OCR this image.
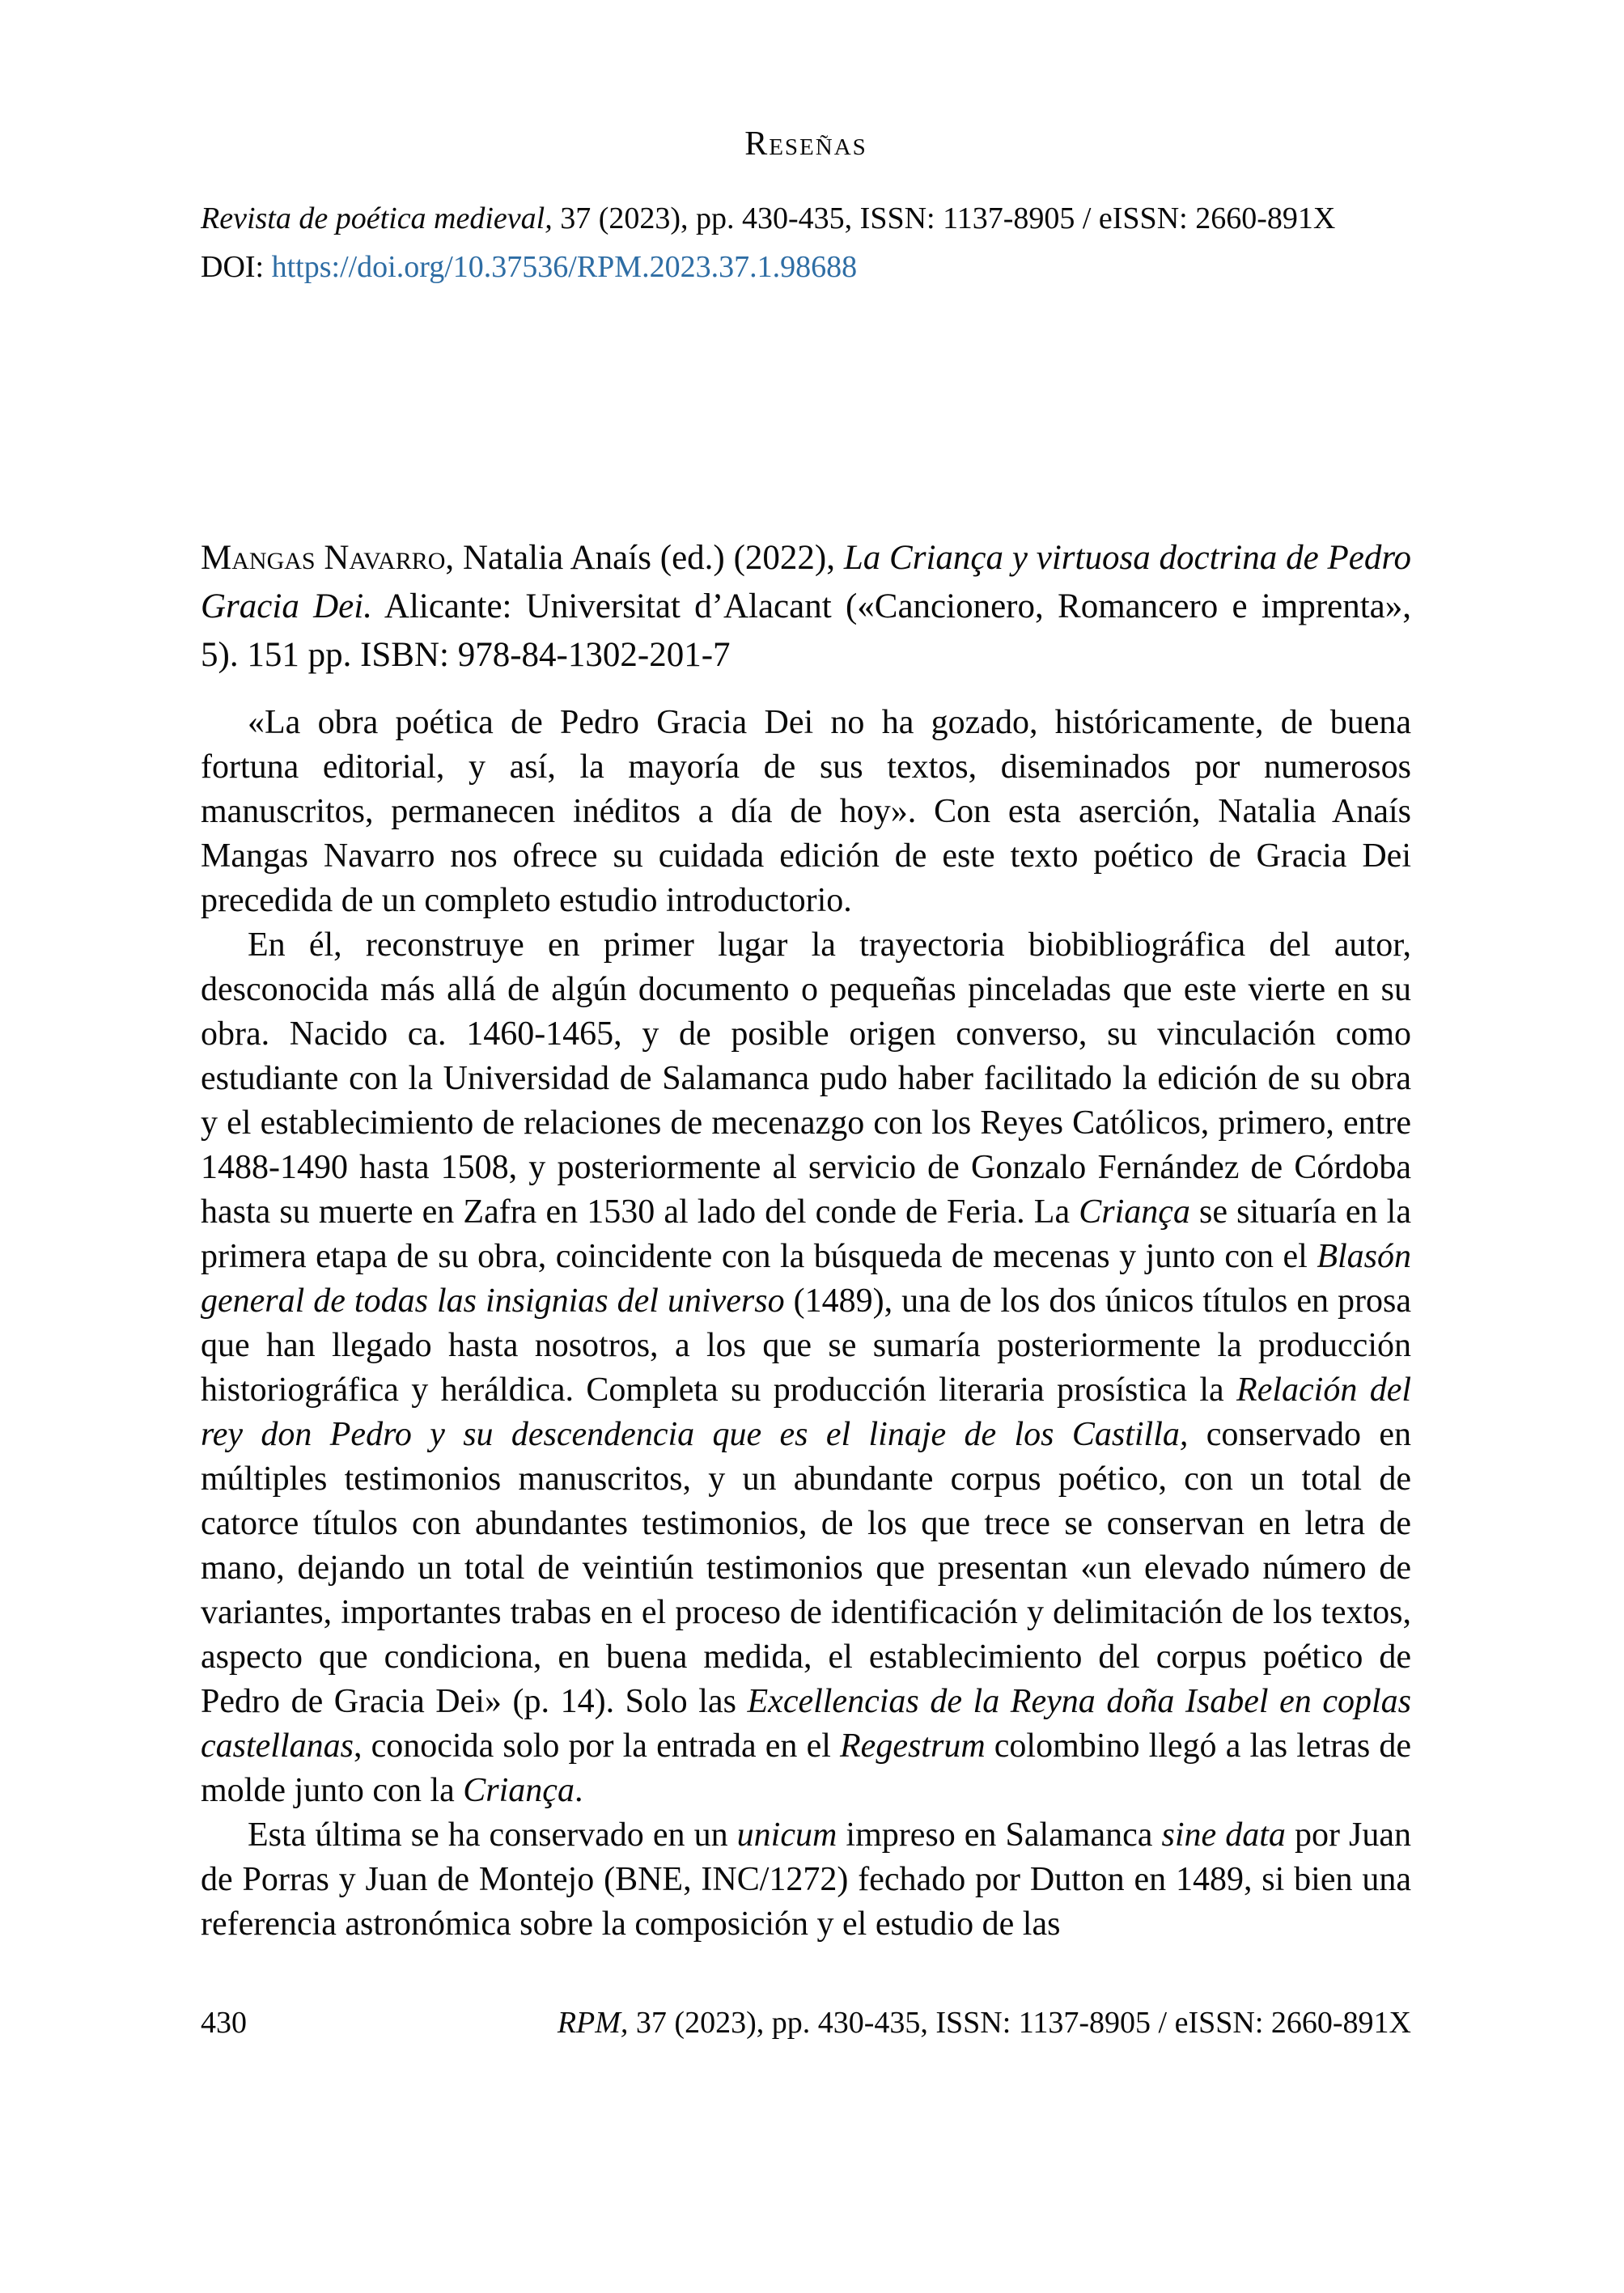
Reseñas

Revista de poética medieval, 37 (2023), pp. 430-435, ISSN: 1137-8905 / eISSN: 2660-891X

DOI: https://doi.org/10.37536/RPM.2023.37.1.98688

Mangas Navarro, Natalia Anaís (ed.) (2022), La Criança y virtuosa doctrina de Pedro Gracia Dei. Alicante: Universitat d’Alacant («Cancionero, Romancero e imprenta», 5). 151 pp. ISBN: 978-84-1302-201-7

«La obra poética de Pedro Gracia Dei no ha gozado, históricamente, de buena fortuna editorial, y así, la mayoría de sus textos, diseminados por numerosos manuscritos, permanecen inéditos a día de hoy». Con esta aserción, Natalia Anaís Mangas Navarro nos ofrece su cuidada edición de este texto poético de Gracia Dei precedida de un completo estudio introductorio.

En él, reconstruye en primer lugar la trayectoria biobibliográfica del autor, desconocida más allá de algún documento o pequeñas pinceladas que este vierte en su obra. Nacido ca. 1460-1465, y de posible origen converso, su vinculación como estudiante con la Universidad de Salamanca pudo haber facilitado la edición de su obra y el establecimiento de relaciones de mecenazgo con los Reyes Católicos, primero, entre 1488-1490 hasta 1508, y posteriormente al servicio de Gonzalo Fernández de Córdoba hasta su muerte en Zafra en 1530 al lado del conde de Feria. La Criança se situaría en la primera etapa de su obra, coincidente con la búsqueda de mecenas y junto con el Blasón general de todas las insignias del universo (1489), una de los dos únicos títulos en prosa que han llegado hasta nosotros, a los que se sumaría posteriormente la producción historiográfica y heráldica. Completa su producción literaria prosística la Relación del rey don Pedro y su descendencia que es el linaje de los Castilla, conservado en múltiples testimonios manuscritos, y un abundante corpus poético, con un total de catorce títulos con abundantes testimonios, de los que trece se conservan en letra de mano, dejando un total de veintiún testimonios que presentan «un elevado número de variantes, importantes trabas en el proceso de identificación y delimitación de los textos, aspecto que condiciona, en buena medida, el establecimiento del corpus poético de Pedro de Gracia Dei» (p. 14). Solo las Excellencias de la Reyna doña Isabel en coplas castellanas, conocida solo por la entrada en el Regestrum colombino llegó a las letras de molde junto con la Criança.

Esta última se ha conservado en un unicum impreso en Salamanca sine data por Juan de Porras y Juan de Montejo (BNE, INC/1272) fechado por Dutton en 1489, si bien una referencia astronómica sobre la composición y el estudio de las

430	RPM, 37 (2023), pp. 430-435, ISSN: 1137-8905 / eISSN: 2660-891X
